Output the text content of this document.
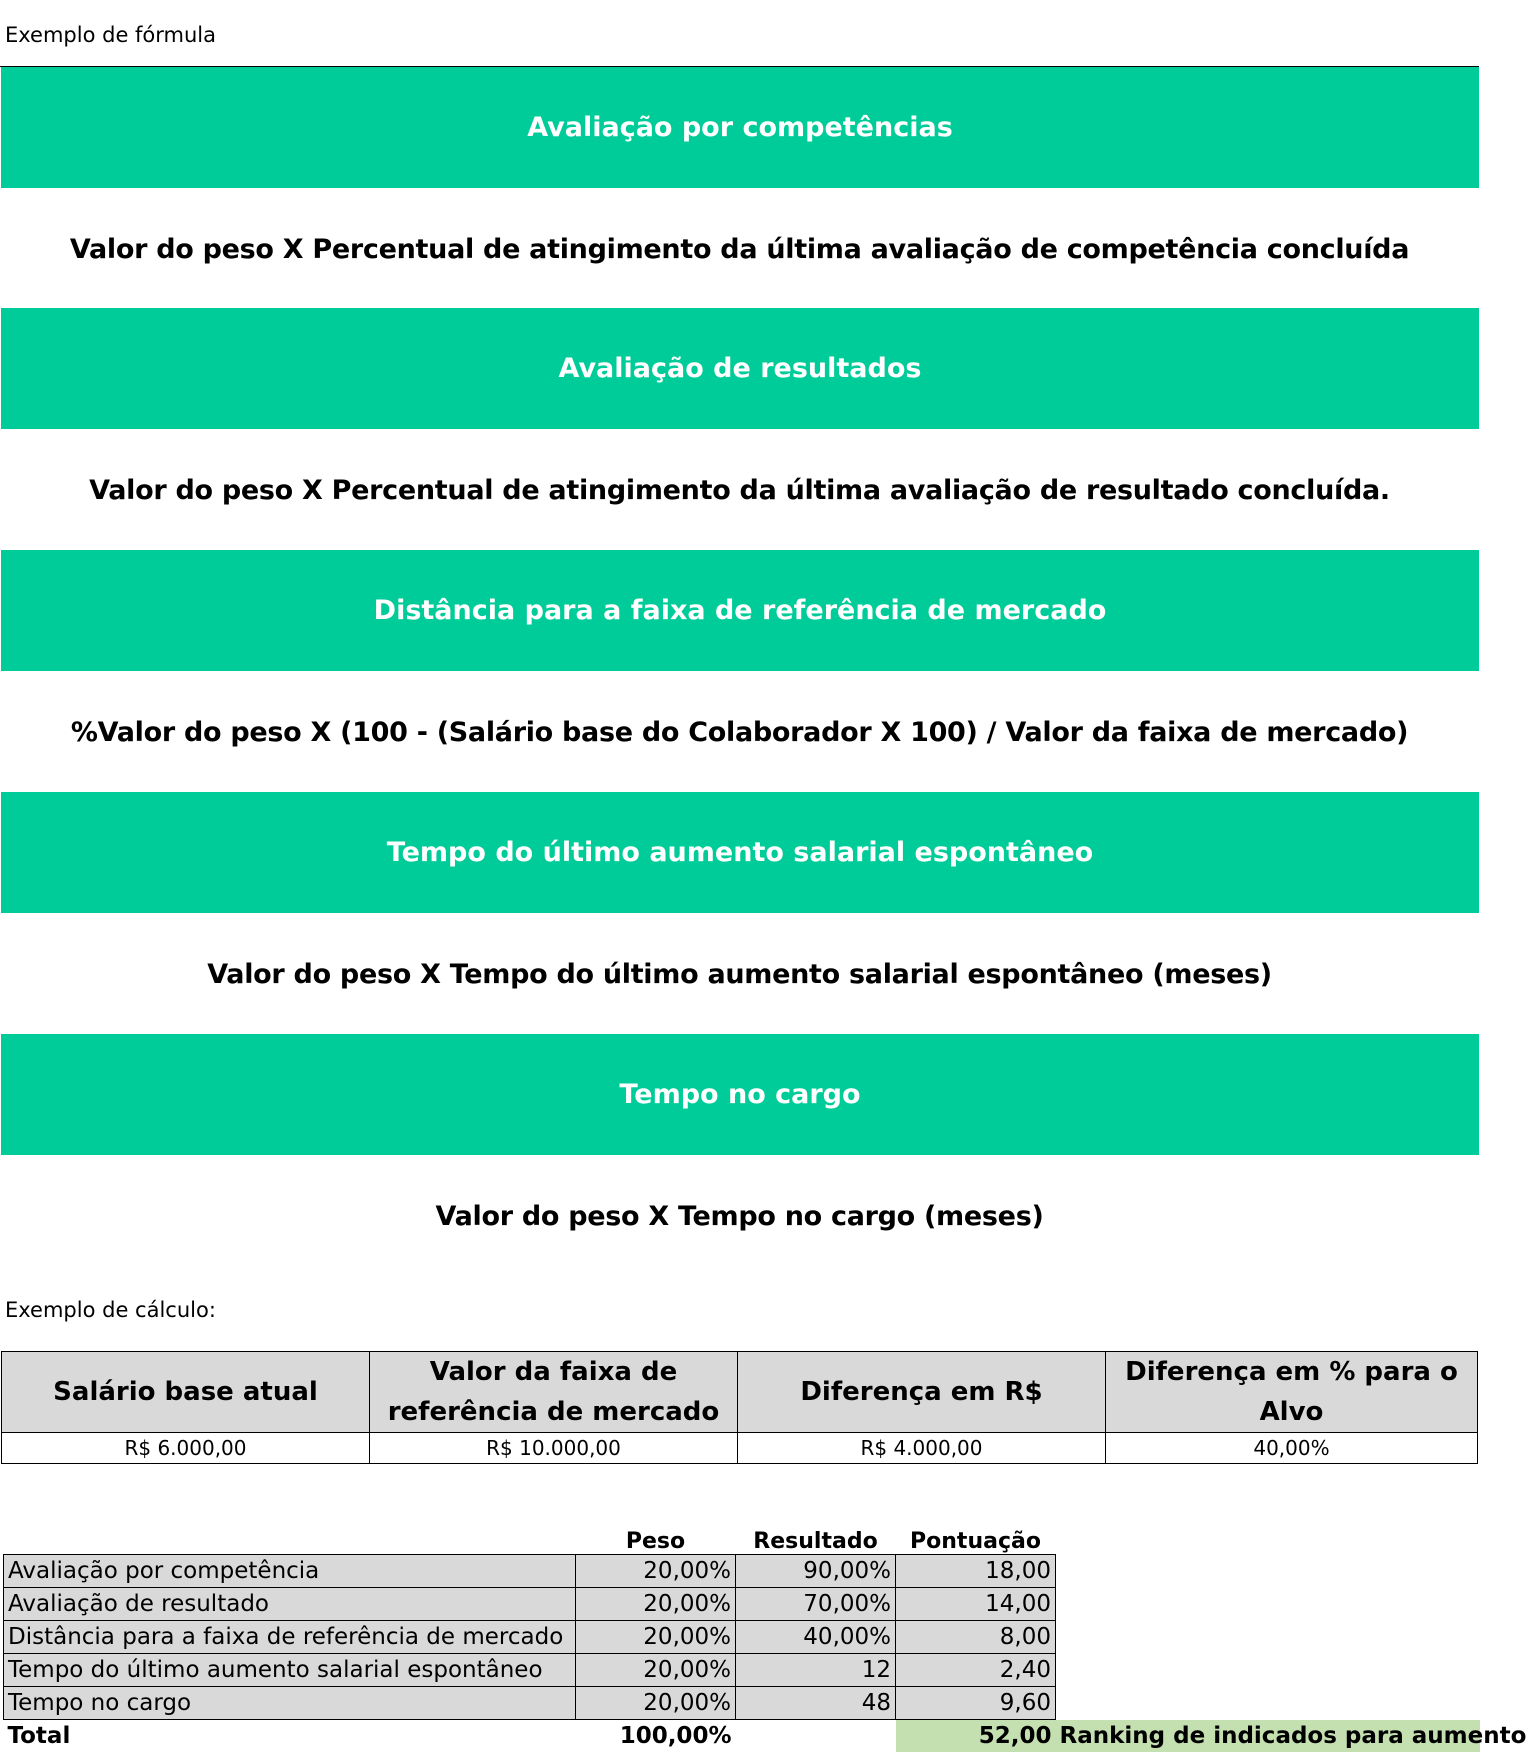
Exemplo de fórmula
Avaliação por competências
Valor do peso X Percentual de atingimento da última avaliação de competência concluída
Avaliação de resultados
Valor do peso X Percentual de atingimento da última avaliação de resultado concluída.
Distância para a faixa de referência de mercado
%Valor do peso X (100 - (Salário base do Colaborador X 100) / Valor da faixa de mercado)
Tempo do último aumento salarial espontâneo
Valor do peso X Tempo do último aumento salarial espontâneo (meses)
Tempo no cargo
Valor do peso X Tempo no cargo (meses)
Exemplo de cálculo:
Salário base atual	Valor da faixa de referência de mercado	Diferença em R$	Diferença em % para o Alvo
R$ 6.000,00	R$ 10.000,00	R$ 4.000,00	40,00%
	Peso	Resultado	Pontuação	
Avaliação por competência	20,00%	90,00%	18,00	
Avaliação de resultado	20,00%	70,00%	14,00	
Distância para a faixa de referência de mercado	20,00%	40,00%	8,00	
Tempo do último aumento salarial espontâneo	20,00%	12	2,40	
Tempo no cargo	20,00%	48	9,60	
Total	100,00%		52,00	Ranking de indicados para aumento
